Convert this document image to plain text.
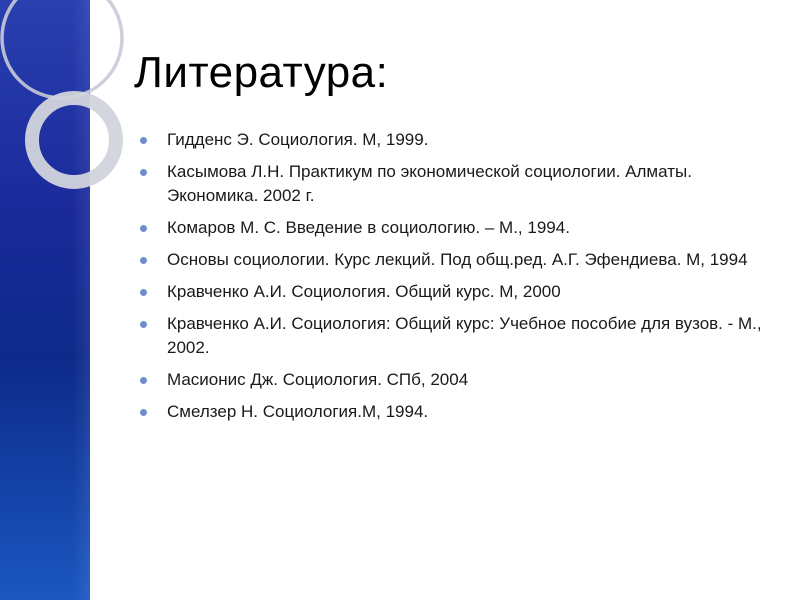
Литература:
Гидденс Э. Социология. М, 1999.
Касымова Л.Н. Практикум по экономической социологии. Алматы. Экономика. 2002 г.
Комаров М. С. Введение в социологию. – М., 1994.
Основы социологии. Курс лекций. Под общ.ред. А.Г. Эфендиева. М, 1994
Кравченко А.И. Социология. Общий курс. М, 2000
Кравченко А.И. Социология: Общий курс: Учебное пособие для вузов. - М., 2002.
Масионис Дж. Социология. СПб, 2004
Смелзер Н. Социология.М, 1994.
